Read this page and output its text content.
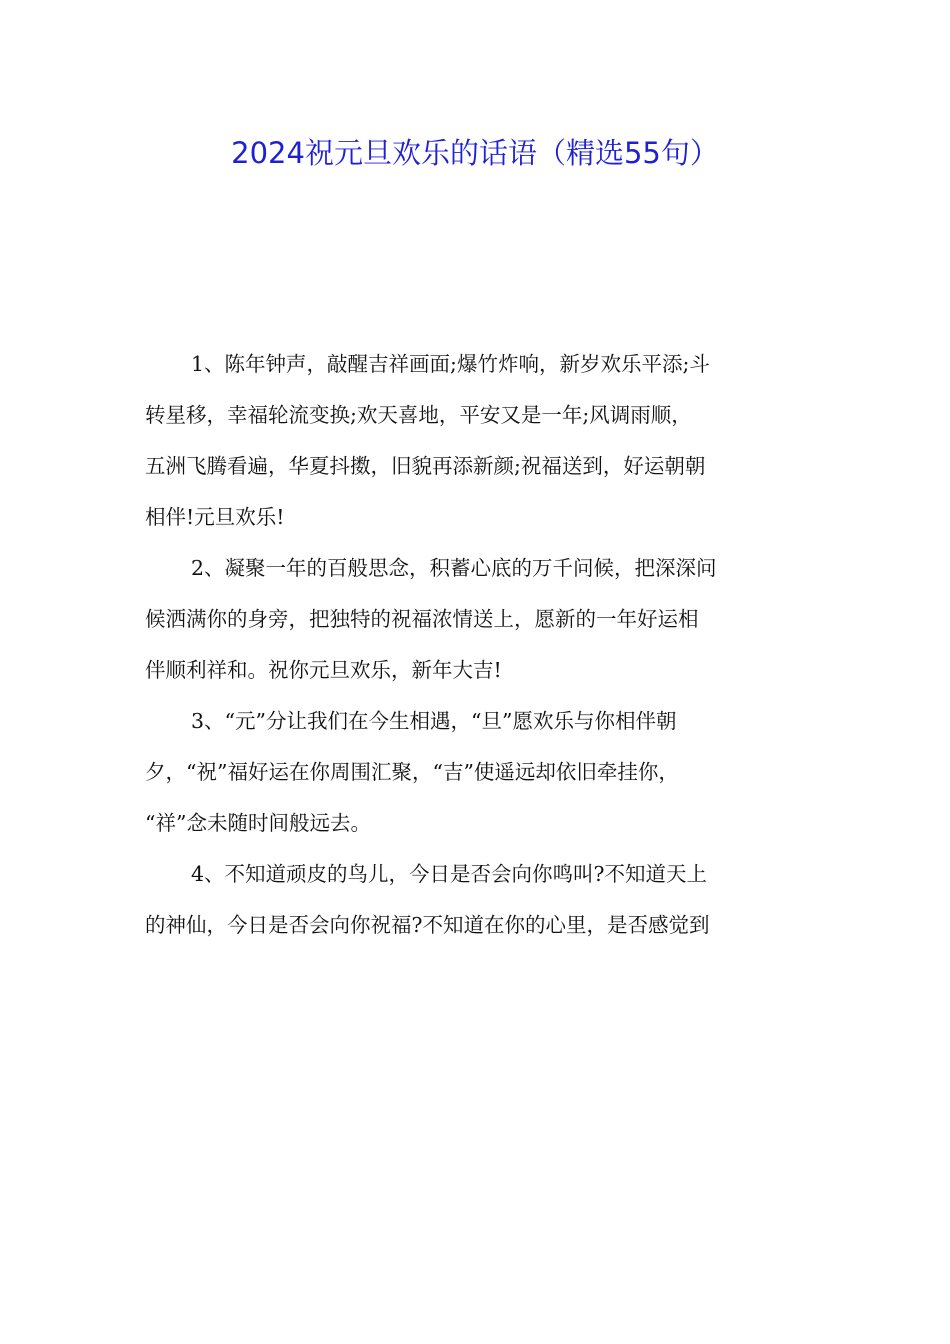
2024祝元旦欢乐的话语（精选55句）
1、陈年钟声，敲醒吉祥画面;爆竹炸响，新岁欢乐平添;斗
转星移，幸福轮流变换;欢天喜地，平安又是一年;风调雨顺，
五洲飞腾看遍，华夏抖擞，旧貌再添新颜;祝福送到，好运朝朝
相伴!元旦欢乐!
2、凝聚一年的百般思念，积蓄心底的万千问候，把深深问
候洒满你的身旁，把独特的祝福浓情送上，愿新的一年好运相
伴顺利祥和。祝你元旦欢乐，新年大吉!
3、“元”分让我们在今生相遇，“旦”愿欢乐与你相伴朝
夕，“祝”福好运在你周围汇聚，“吉”使遥远却依旧牵挂你，
“祥”念未随时间般远去。
4、不知道顽皮的鸟儿，今日是否会向你鸣叫?不知道天上
的神仙，今日是否会向你祝福?不知道在你的心里，是否感觉到
